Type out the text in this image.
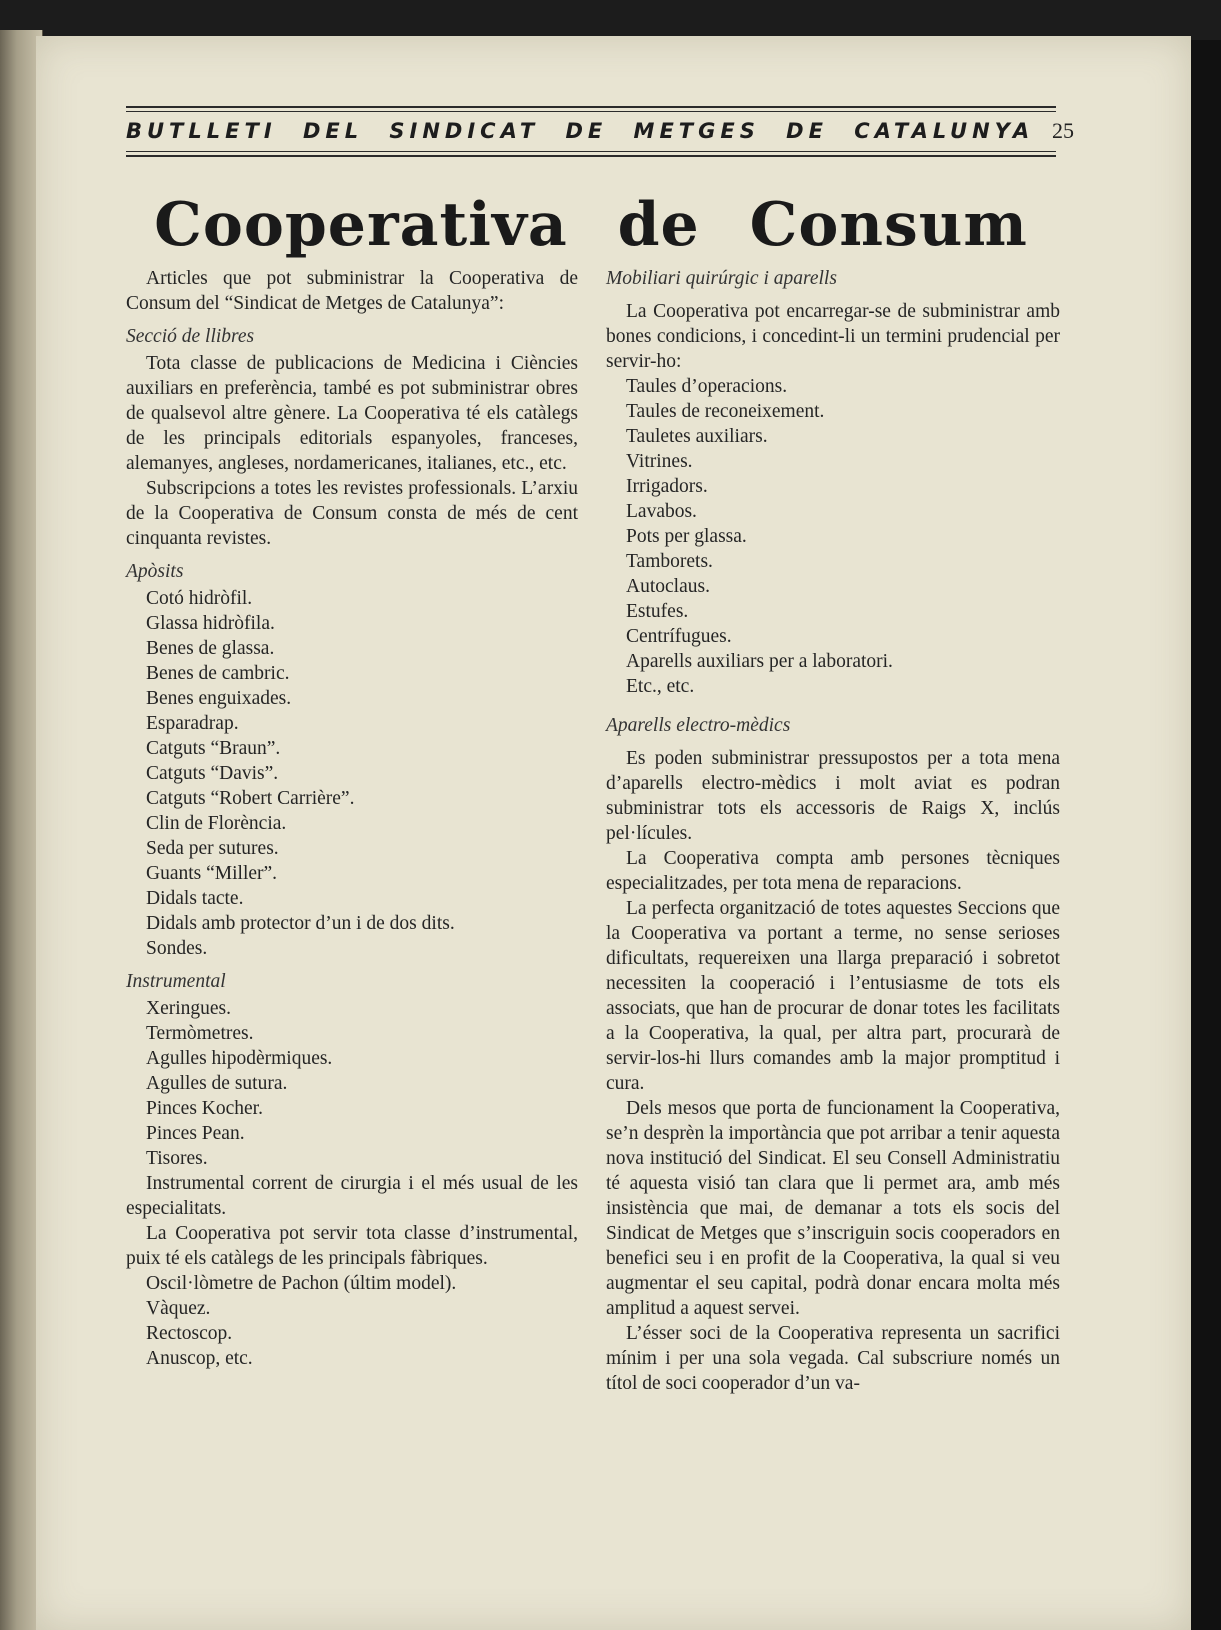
BUTLLETI DEL SINDICAT DE METGES DE CATALUNYA 25
Cooperativa de Consum

Articles que pot subministrar la Cooperativa de Consum del “Sindicat de Metges de Catalunya”:

Secció de llibres

Tota classe de publicacions de Medicina i Ciències auxiliars en preferència, també es pot subministrar obres de qualsevol altre gènere. La Cooperativa té els catàlegs de les principals editorials espanyoles, franceses, alemanyes, angleses, nordamericanes, italianes, etc., etc.

Subscripcions a totes les revistes professionals. L’arxiu de la Cooperativa de Consum consta de més de cent cinquanta revistes.

Apòsits
Cotó hidròfil.
Glassa hidròfila.
Benes de glassa.
Benes de cambric.
Benes enguixades.
Esparadrap.
Catguts “Braun”.
Catguts “Davis”.
Catguts “Robert Carrière”.
Clin de Florència.
Seda per sutures.
Guants “Miller”.
Didals tacte.
Didals amb protector d’un i de dos dits.
Sondes.
Instrumental
Xeringues.
Termòmetres.
Agulles hipodèrmiques.
Agulles de sutura.
Pinces Kocher.
Pinces Pean.
Tisores.

Instrumental corrent de cirurgia i el més usual de les especialitats.

La Cooperativa pot servir tota classe d’instrumental, puix té els catàlegs de les principals fàbriques.

Oscil·lòmetre de Pachon (últim model).
Vàquez.
Rectoscop.
Anuscop, etc.
Mobiliari quirúrgic i aparells

La Cooperativa pot encarregar-se de subministrar amb bones condicions, i concedint-li un termini prudencial per servir-ho:

Taules d’operacions.
Taules de reconeixement.
Tauletes auxiliars.
Vitrines.
Irrigadors.
Lavabos.
Pots per glassa.
Tamborets.
Autoclaus.
Estufes.
Centrífugues.
Aparells auxiliars per a laboratori.
Etc., etc.
Aparells electro-mèdics

Es poden subministrar pressupostos per a tota mena d’aparells electro-mèdics i molt aviat es podran subministrar tots els accessoris de Raigs X, inclús pel·lícules.

La Cooperativa compta amb persones tècniques especialitzades, per tota mena de reparacions.

La perfecta organització de totes aquestes Seccions que la Cooperativa va portant a terme, no sense serioses dificultats, requereixen una llarga preparació i sobretot necessiten la cooperació i l’entusiasme de tots els associats, que han de procurar de donar totes les facilitats a la Cooperativa, la qual, per altra part, procurarà de servir-los-hi llurs comandes amb la major promptitud i cura.

Dels mesos que porta de funcionament la Cooperativa, se’n desprèn la importància que pot arribar a tenir aquesta nova institució del Sindicat. El seu Consell Administratiu té aquesta visió tan clara que li permet ara, amb més insistència que mai, de demanar a tots els socis del Sindicat de Metges que s’inscriguin socis cooperadors en benefici seu i en profit de la Cooperativa, la qual si veu augmentar el seu capital, podrà donar encara molta més amplitud a aquest servei.

L’ésser soci de la Cooperativa representa un sacrifici mínim i per una sola vegada. Cal subscriure només un títol de soci cooperador d’un va-
